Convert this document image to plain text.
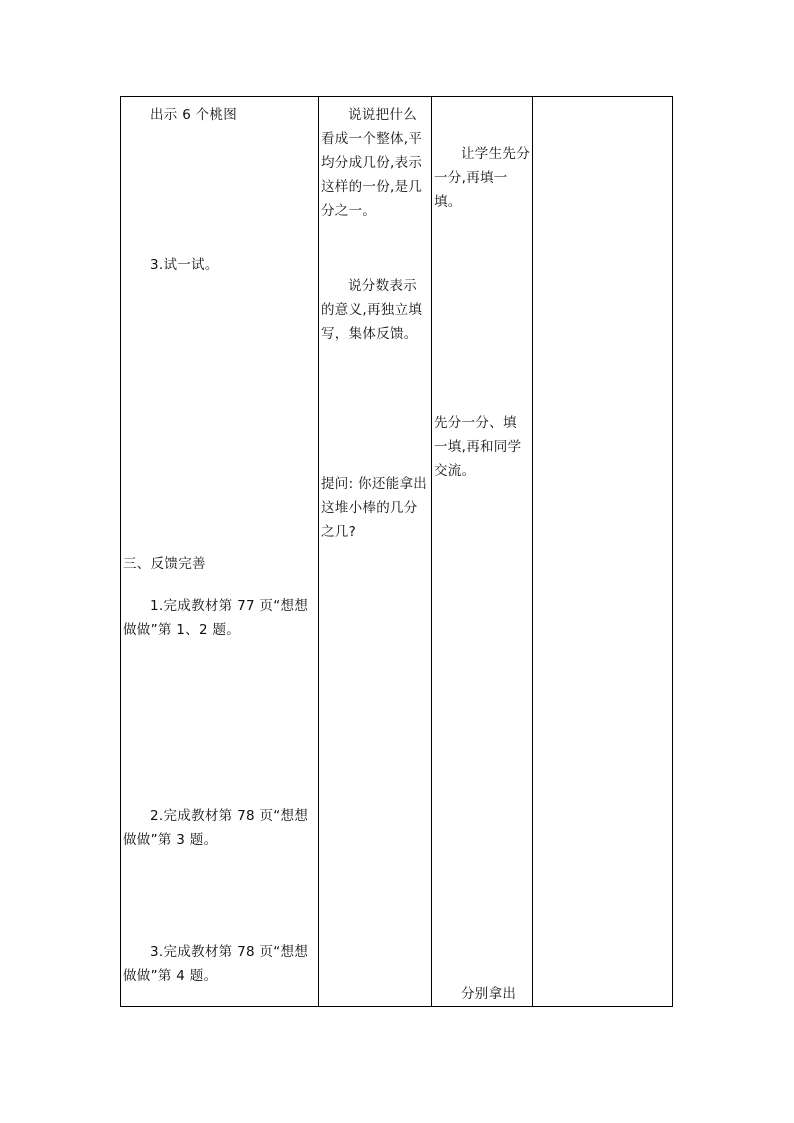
出示 6 个桃图

3.试一试。

三、反馈完善

1.完成教材第 77 页“想想做做”第 1、2 题。

2.完成教材第 78 页“想想做做”第 3 题。

3.完成教材第 78 页“想想做做”第 4 题。

说说把什么看成一个整体,平均分成几份,表示这样的一份,是几分之一。

说分数表示的意义,再独立填写，集体反馈。

提问: 你还能拿出这堆小棒的几分之几?

让学生先分一分,再填一填。

先分一分、填一填,再和同学交流。

分别拿出
